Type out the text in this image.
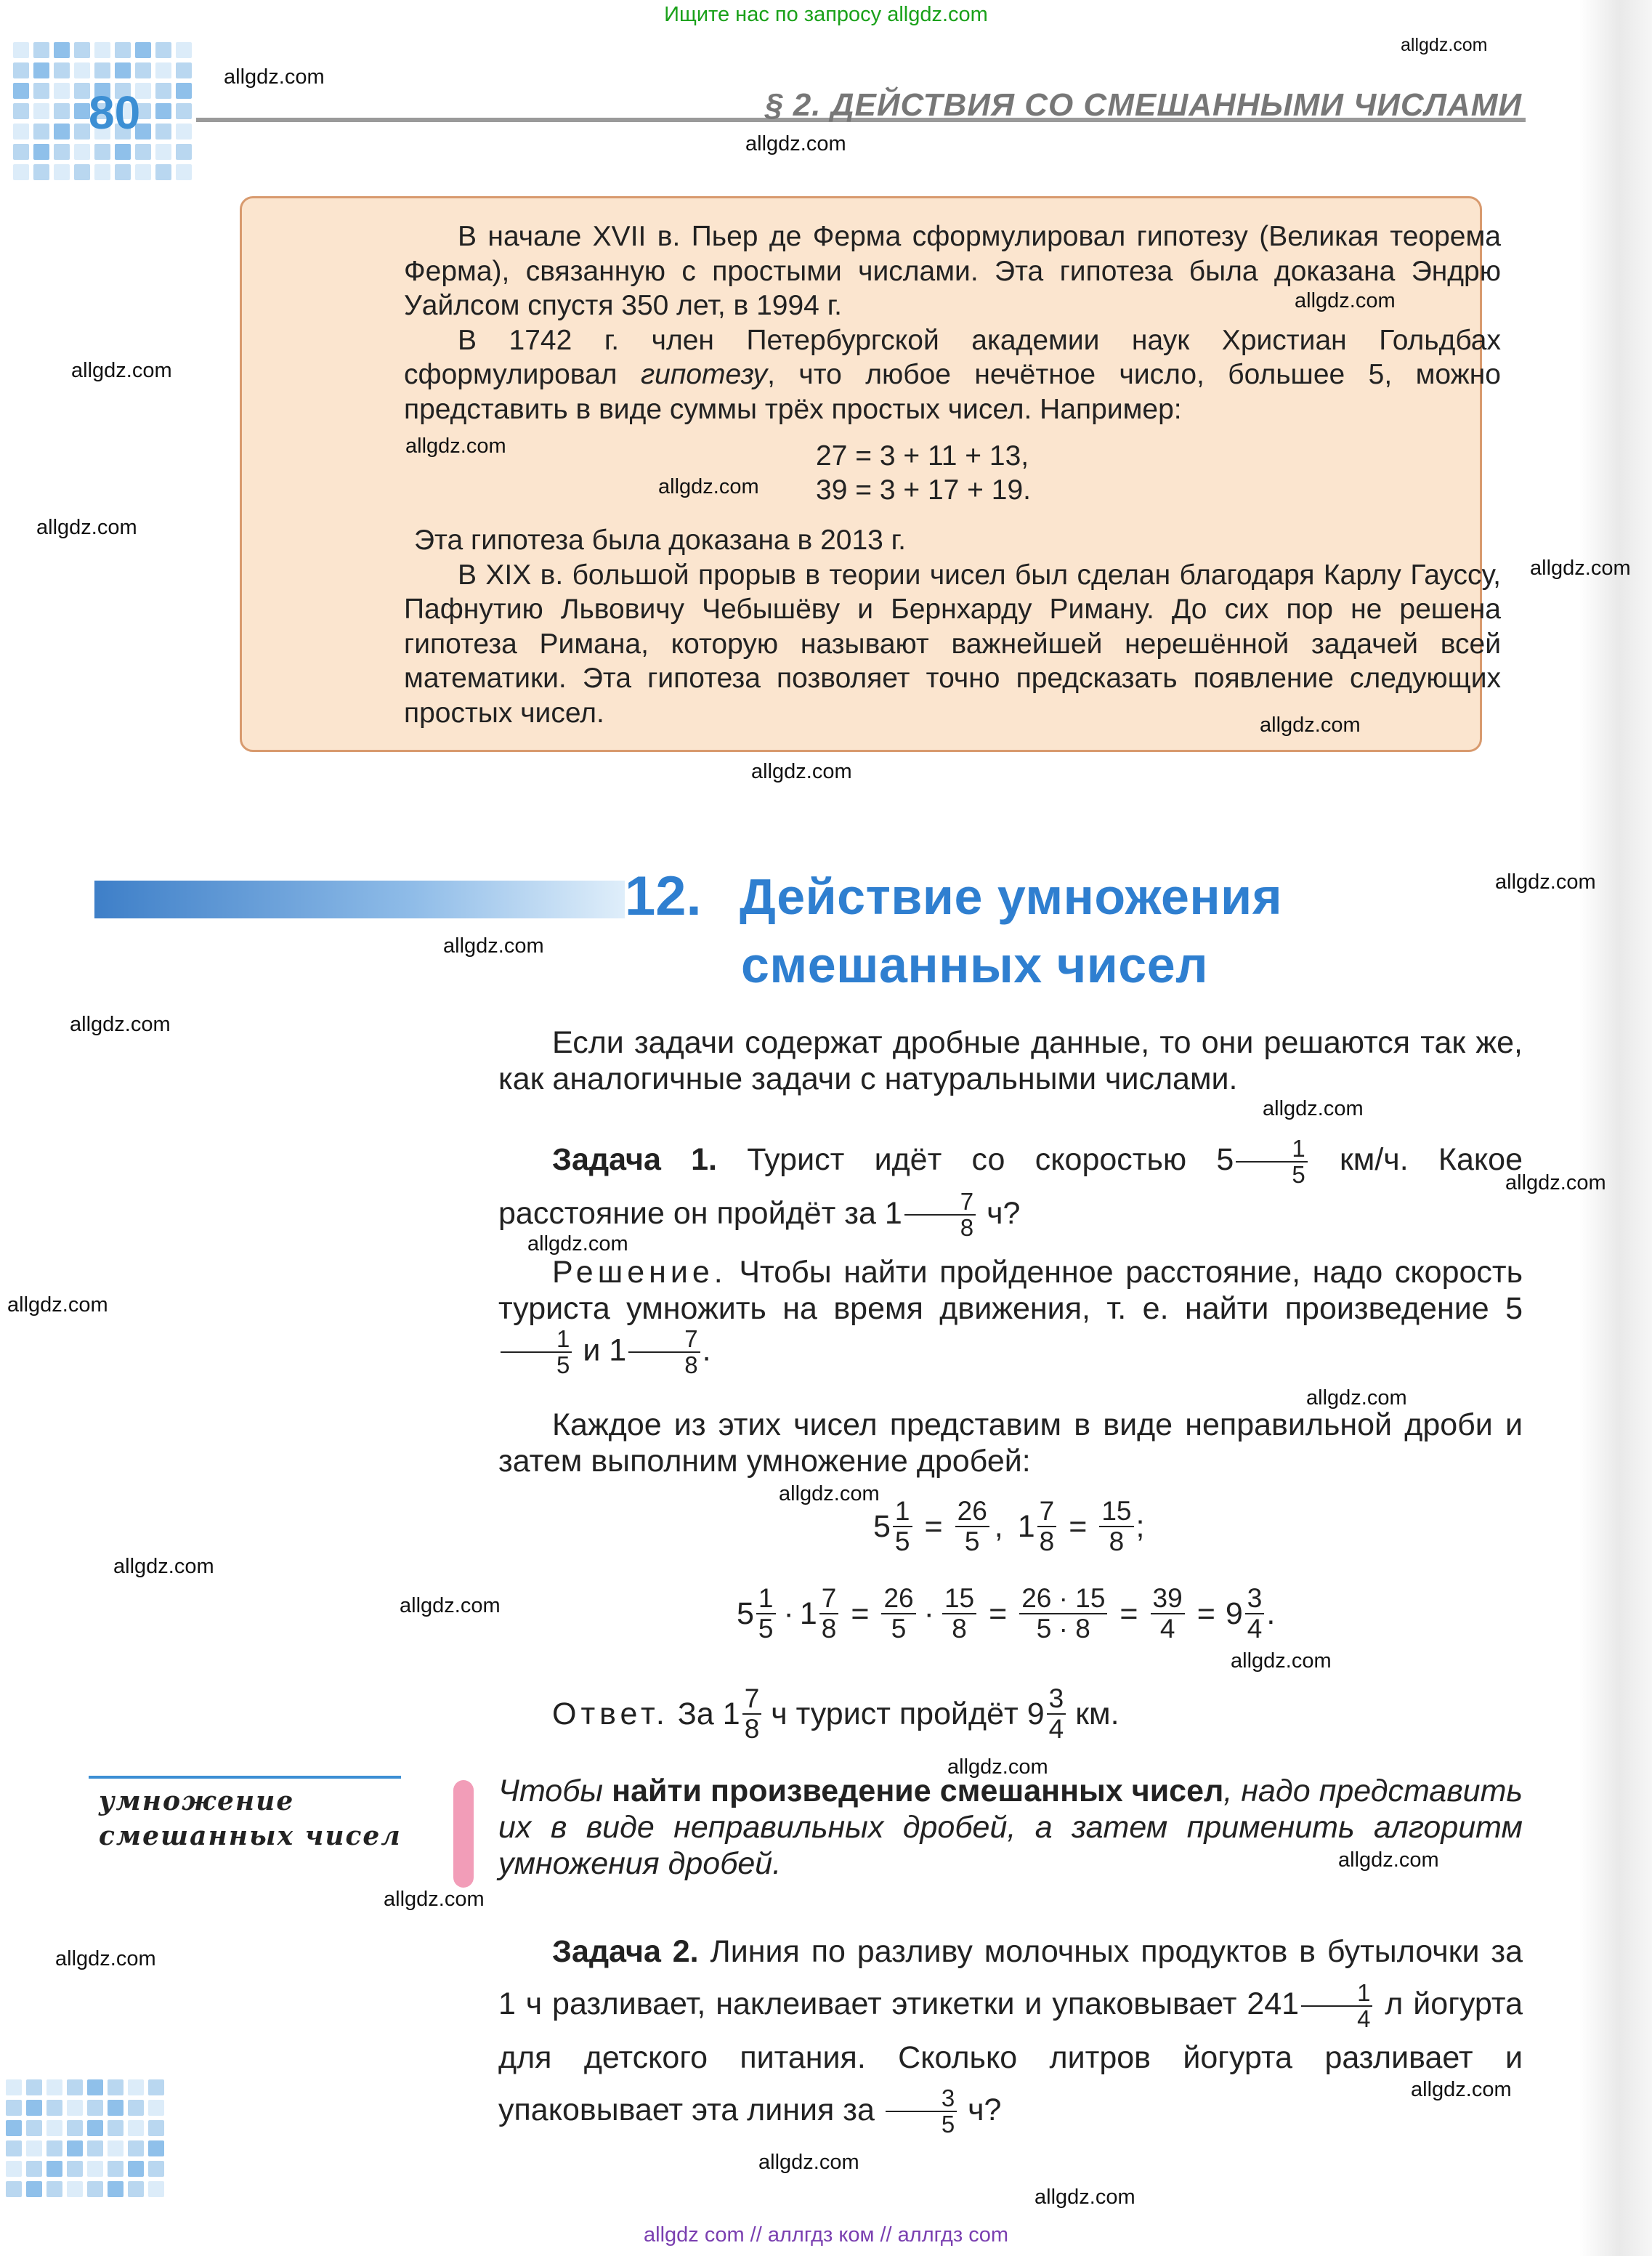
Ищите нас по запросу allgdz.com
80	§ 2. ДЕЙСТВИЯ СО СМЕШАННЫМИ ЧИСЛАМИ

В начале XVII в. Пьер де Ферма сформулировал гипотезу (Великая теорема Ферма), связанную с простыми числами. Эта гипотеза была доказана Эндрю Уайлсом спустя 350 лет, в 1994 г.

В 1742 г. член Петербургской академии наук Христиан Гольдбах сформулировал гипотезу, что любое нечётное число, большее 5, можно представить в виде суммы трёх простых чисел. Например:

27 = 3 + 11 + 13,
39 = 3 + 17 + 19.

Эта гипотеза была доказана в 2013 г.

В XIX в. большой прорыв в теории чисел был сделан благодаря Карлу Гауссу, Пафнутию Львовичу Чебышёву и Бернхарду Риману. До сих пор не решена гипотеза Римана, которую называют важнейшей нерешённой задачей всей математики. Эта гипотеза позволяет точно предсказать появление следующих простых чисел.

12. Действие умножения
смешанных чисел
Если задачи содержат дробные данные, то они решаются так же, как аналогичные задачи с натуральными числами.
Задача 1. Турист идёт со скоростью $5 \frac{1}{5} км/ч$. Какое расстояние он пройдёт за $1 \frac{7}{8} ч$?
Решение. Чтобы найти пройденное расстояние, надо скорость туриста умножить на время движения, т. е. найти произведение 5
$\frac{1}{5}$ и $1 \frac{7}{8}$ .
Каждое из этих чисел представим в виде неправильной дроби и затем выполним умножение дробей:
$5 \frac{1}{5} = \frac{26}{5}$ , $1 \frac{7}{8} = \frac{15}{8}$ ;
$5 \frac{1}{5} \cdot 1 \frac{7}{8} = \frac{26}{5} \cdot \frac{15}{8} = \frac{26 \cdot 15}{5 \cdot 8} = \frac{39}{4} = 9 \frac{3}{4}$ .
Ответ. За $1 \frac{7}{8}$ ч турист пройдёт $9 \frac{3}{4}$ км.
умножение
смешанных чисел
Чтобы найти произведение смешанных чисел, надо представить их в виде неправильных дробей, а затем применить алгоритм умножения дробей.
Задача 2. Линия по разливу молочных продуктов в бутылочки за 1 ч разливает, наклеивает этикетки и упаковывает $241 \frac{1}{4}$ л йогурта для детского питания. Сколько литров йогурта разливает и упаковывает эта линия за $\frac{3}{5} ч$?
allgdz.com
allgdz.com
allgdz.com
allgdz.com
allgdz.com
allgdz.com
allgdz.com
allgdz.com
allgdz.com
allgdz.com
allgdz.com
allgdz.com
allgdz.com
allgdz.com
allgdz.com
allgdz.com
allgdz.com
allgdz.com
allgdz.com
allgdz.com
allgdz.com
allgdz.com
allgdz.com
allgdz.com
allgdz.com
allgdz.com
allgdz.com
allgdz.com
allgdz.com
allgdz.com
allgdz com // аллгдз ком // аллгдз com
